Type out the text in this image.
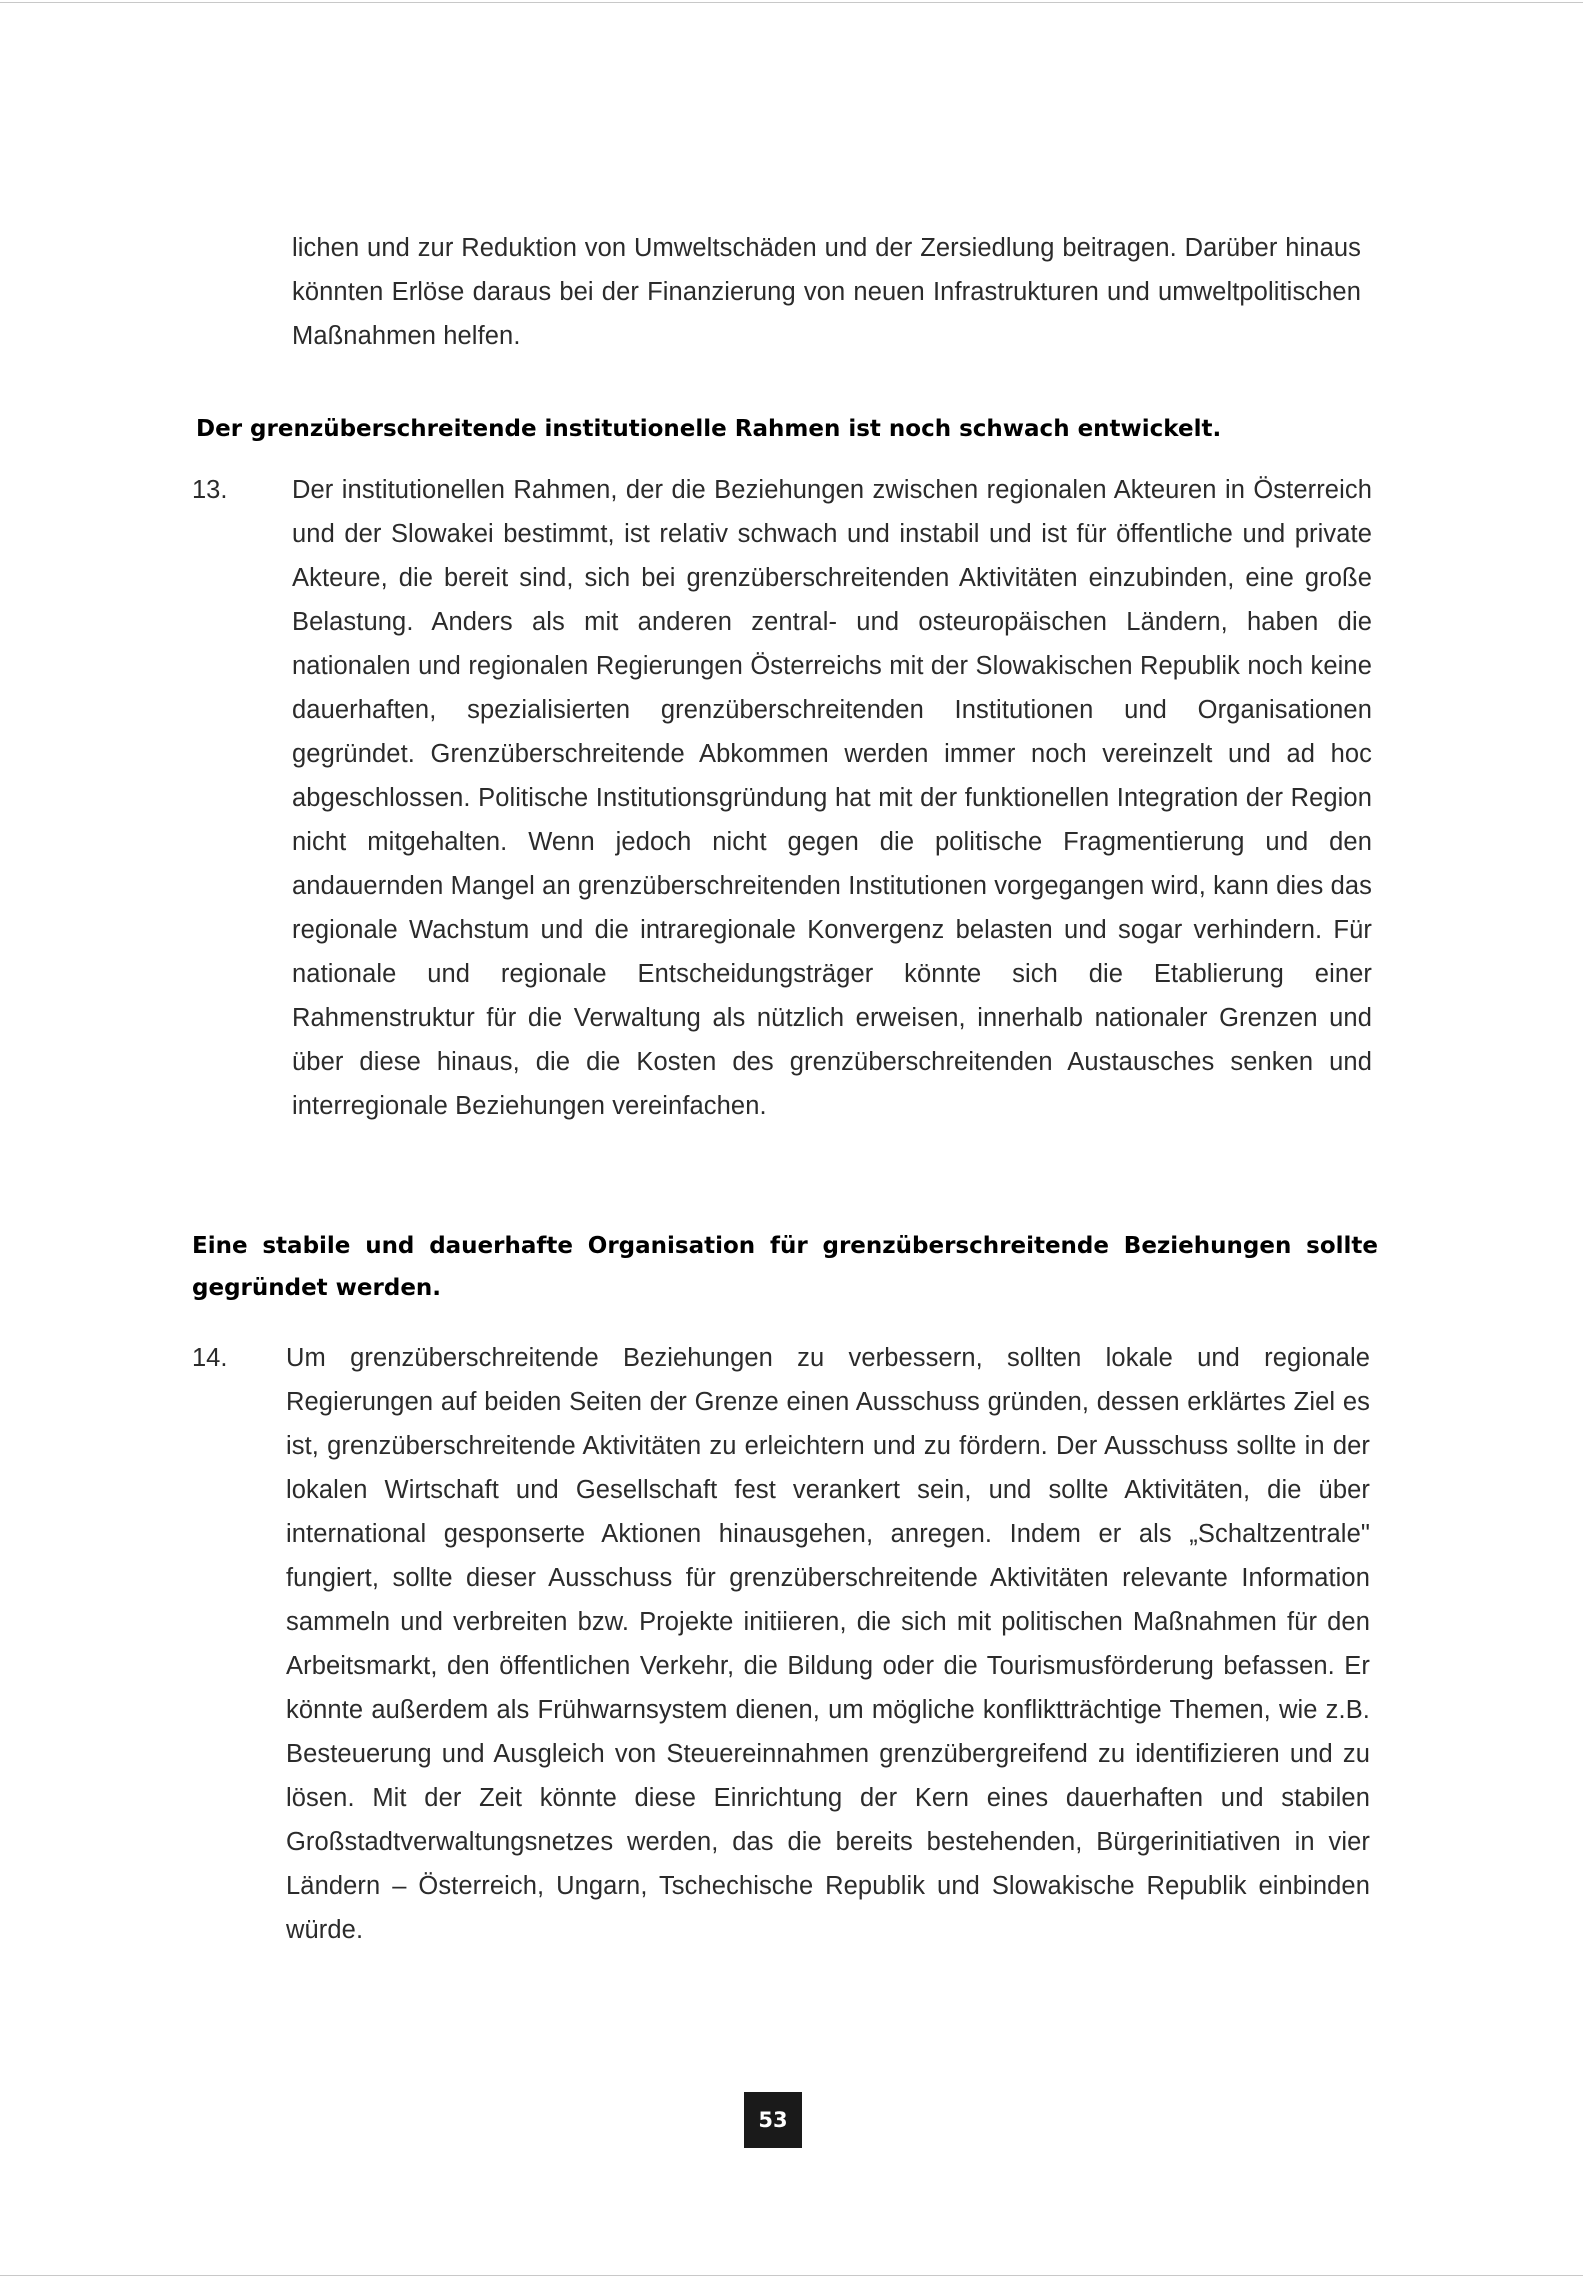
lichen und zur Reduktion von Umweltschäden und der Zersiedlung beitragen. Darüber hinaus könnten Erlöse daraus bei der Finanzierung von neuen Infrastrukturen und umweltpolitischen Maßnahmen helfen.

Der grenzüberschreitende institutionelle Rahmen ist noch schwach entwickelt.
13.	Der institutionellen Rahmen, der die Beziehungen zwischen regionalen Akteuren in Österreich und der Slowakei bestimmt, ist relativ schwach und instabil und ist für öffentliche und private Akteure, die bereit sind, sich bei grenzüberschreitenden Aktivitäten einzubinden, eine große Belastung. Anders als mit anderen zentral- und osteuropäischen Ländern, haben die nationalen und regionalen Regierungen Österreichs mit der Slowakischen Republik noch keine dauerhaften, spezialisierten grenzüberschreitenden Institutionen und Organisationen gegründet. Grenzüberschreitende Abkommen werden immer noch vereinzelt und ad hoc abgeschlossen. Politische Institutionsgründung hat mit der funktionellen Integration der Region nicht mitgehalten. Wenn jedoch nicht gegen die politische Fragmentierung und den andauernden Mangel an grenzüberschreitenden Institutionen vorgegangen wird, kann dies das regionale Wachstum und die intraregionale Konvergenz belasten und sogar verhindern. Für nationale und regionale Entscheidungsträger könnte sich die Etablierung einer Rahmenstruktur für die Verwaltung als nützlich erweisen, innerhalb nationaler Grenzen und über diese hinaus, die die Kosten des grenzüberschreitenden Austausches senken und interregionale Beziehungen vereinfachen.

Eine stabile und dauerhafte Organisation für grenzüberschreitende Beziehungen sollte gegründet werden.
14. Um grenzüberschreitende Beziehungen zu verbessern, sollten lokale und regionale Regierungen auf beiden Seiten der Grenze einen Ausschuss gründen, dessen erklärtes Ziel es ist, grenzüberschreitende Aktivitäten zu erleichtern und zu fördern. Der Ausschuss sollte in der lokalen Wirtschaft und Gesellschaft fest verankert sein, und sollte Aktivitäten, die über international gesponserte Aktionen hinausgehen, anregen. Indem er als „Schaltzentrale" fungiert, sollte dieser Ausschuss für grenzüberschreitende Aktivitäten relevante Information sammeln und verbreiten bzw. Projekte initiieren, die sich mit politischen Maßnahmen für den Arbeitsmarkt, den öffentlichen Verkehr, die Bildung oder die Tourismusförderung befassen. Er könnte außerdem als Frühwarnsystem dienen, um mögliche konfliktträchtige Themen, wie z.B. Besteuerung und Ausgleich von Steuereinnahmen grenzübergreifend zu identifizieren und zu lösen. Mit der Zeit könnte diese Einrichtung der Kern eines dauerhaften und stabilen Großstadtverwaltungsnetzes werden, das die bereits bestehenden, Bürgerinitiativen in vier Ländern – Österreich, Ungarn, Tschechische Republik und Slowakische Republik einbinden würde.

53
